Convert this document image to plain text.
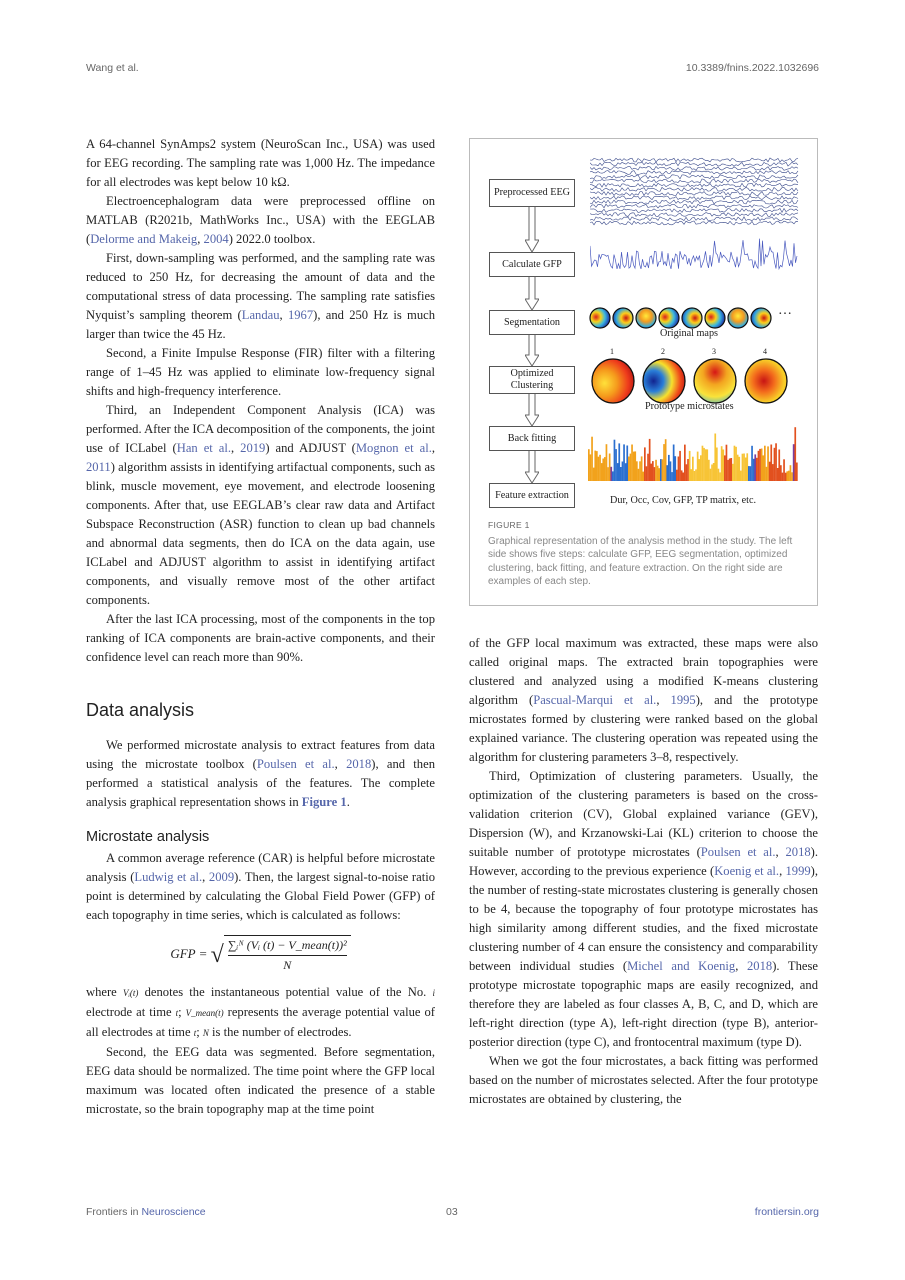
Wang et al.	10.3389/fnins.2022.1032696

A 64-channel SynAmps2 system (NeuroScan Inc., USA) was used for EEG recording. The sampling rate was 1,000 Hz. The impedance for all electrodes was kept below 10 kΩ.

Electroencephalogram data were preprocessed offline on MATLAB (R2021b, MathWorks Inc., USA) with the EEGLAB (Delorme and Makeig, 2004) 2022.0 toolbox.

First, down-sampling was performed, and the sampling rate was reduced to 250 Hz, for decreasing the amount of data and the computational stress of data processing. The sampling rate satisfies Nyquist’s sampling theorem (Landau, 1967), and 250 Hz is much larger than twice the 45 Hz.

Second, a Finite Impulse Response (FIR) filter with a filtering range of 1–45 Hz was applied to eliminate low-frequency signal shifts and high-frequency interference.

Third, an Independent Component Analysis (ICA) was performed. After the ICA decomposition of the components, the joint use of ICLabel (Han et al., 2019) and ADJUST (Mognon et al., 2011) algorithm assists in identifying artifactual components, such as blink, muscle movement, eye movement, and electrode loosening components. After that, use EEGLAB’s clear raw data and Artifact Subspace Reconstruction (ASR) function to clean up bad channels and abnormal data segments, then do ICA on the data again, use ICLabel and ADJUST algorithm to assist in identifying artifact components, and visually remove most of the other artifact components.

After the last ICA processing, most of the components in the top ranking of ICA components are brain-active components, and their confidence level can reach more than 90%.

Data analysis

We performed microstate analysis to extract features from data using the microstate toolbox (Poulsen et al., 2018), and then performed a statistical analysis of the features. The complete analysis graphical representation shows in Figure 1.

Microstate analysis

A common average reference (CAR) is helpful before microstate analysis (Ludwig et al., 2009). Then, the largest signal-to-noise ratio point is determined by calculating the Global Field Power (GFP) of each topography in time series, which is calculated as follows:

GFP = √ ∑ᵢᴺ (Vᵢ (t) − V_mean(t))²
N

where Vᵢ(t) denotes the instantaneous potential value of the No. i electrode at time t; V_mean(t) represents the average potential value of all electrodes at time t; N is the number of electrodes.

Second, the EEG data was segmented. Before segmentation, EEG data should be normalized. The time point where the GFP local maximum was located often indicated the presence of a stable microstate, so the brain topography map at the time point

Preprocessed EEG
Calculate GFP
Segmentation
Optimized Clustering
Back fitting
Feature extraction
…
Original maps
1	2	3	4
Prototype microstates
Dur, Occ, Cov, GFP, TP matrix, etc.
FIGURE 1
Graphical representation of the analysis method in the study. The left side shows five steps: calculate GFP, EEG segmentation, optimized clustering, back fitting, and feature extraction. On the right side are examples of each step.

of the GFP local maximum was extracted, these maps were also called original maps. The extracted brain topographies were clustered and analyzed using a modified K-means clustering algorithm (Pascual-Marqui et al., 1995), and the prototype microstates formed by clustering were ranked based on the global explained variance. The clustering operation was repeated using the algorithm for clustering parameters 3–8, respectively.

Third, Optimization of clustering parameters. Usually, the optimization of the clustering parameters is based on the cross-validation criterion (CV), Global explained variance (GEV), Dispersion (W), and Krzanowski-Lai (KL) criterion to choose the suitable number of prototype microstates (Poulsen et al., 2018). However, according to the previous experience (Koenig et al., 1999), the number of resting-state microstates clustering is generally chosen to be 4, because the topography of four prototype microstates has high similarity among different studies, and the fixed microstate clustering number of 4 can ensure the consistency and comparability between individual studies (Michel and Koenig, 2018). These prototype microstate topographic maps are easily recognized, and therefore they are labeled as four classes A, B, C, and D, which are left-right direction (type A), left-right direction (type B), anterior-posterior direction (type C), and frontocentral maximum (type D).

When we got the four microstates, a back fitting was performed based on the number of microstates selected. After the four prototype microstates are obtained by clustering, the

Frontiers in Neuroscience	03	frontiersin.org
